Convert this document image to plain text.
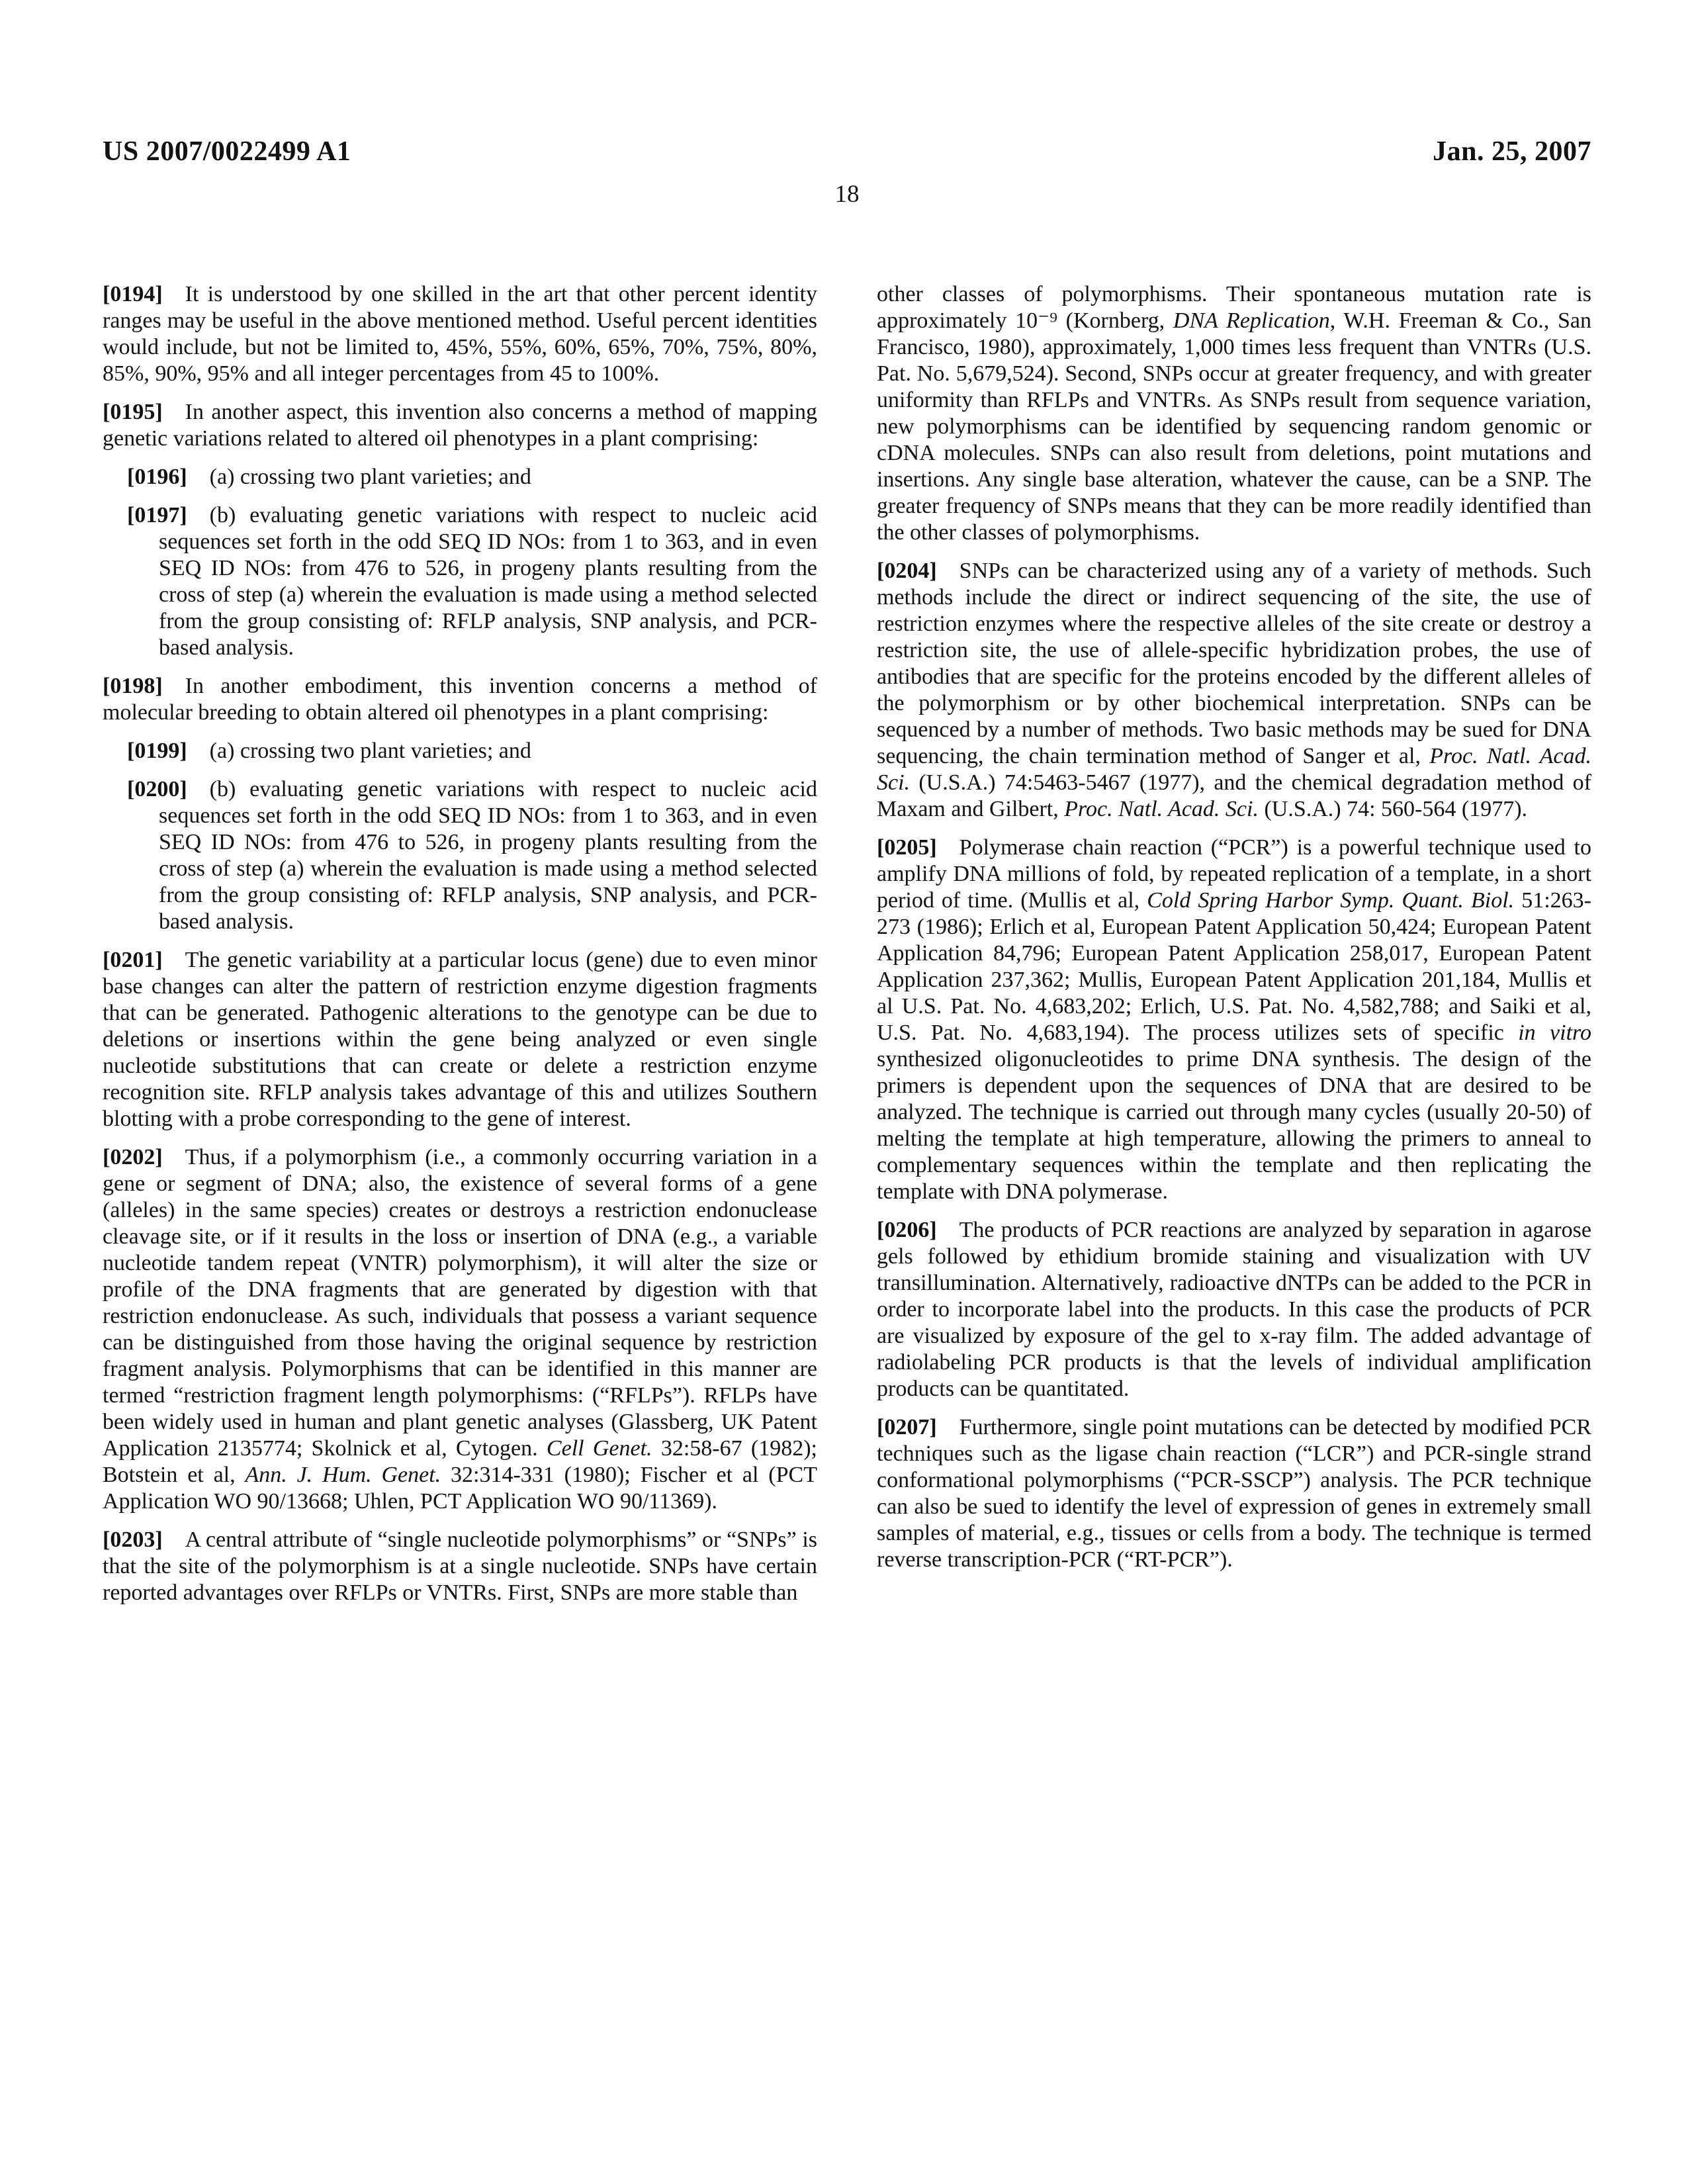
US 2007/0022499 A1	Jan. 25, 2007
18

[0194] It is understood by one skilled in the art that other percent identity ranges may be useful in the above mentioned method. Useful percent identities would include, but not be limited to, 45%, 55%, 60%, 65%, 70%, 75%, 80%, 85%, 90%, 95% and all integer percentages from 45 to 100%.

[0195] In another aspect, this invention also concerns a method of mapping genetic variations related to altered oil phenotypes in a plant comprising:

[0196] (a) crossing two plant varieties; and

[0197] (b) evaluating genetic variations with respect to nucleic acid sequences set forth in the odd SEQ ID NOs: from 1 to 363, and in even SEQ ID NOs: from 476 to 526, in progeny plants resulting from the cross of step (a) wherein the evaluation is made using a method selected from the group consisting of: RFLP analysis, SNP analysis, and PCR-based analysis.

[0198] In another embodiment, this invention concerns a method of molecular breeding to obtain altered oil phenotypes in a plant comprising:

[0199] (a) crossing two plant varieties; and

[0200] (b) evaluating genetic variations with respect to nucleic acid sequences set forth in the odd SEQ ID NOs: from 1 to 363, and in even SEQ ID NOs: from 476 to 526, in progeny plants resulting from the cross of step (a) wherein the evaluation is made using a method selected from the group consisting of: RFLP analysis, SNP analysis, and PCR-based analysis.

[0201] The genetic variability at a particular locus (gene) due to even minor base changes can alter the pattern of restriction enzyme digestion fragments that can be generated. Pathogenic alterations to the genotype can be due to deletions or insertions within the gene being analyzed or even single nucleotide substitutions that can create or delete a restriction enzyme recognition site. RFLP analysis takes advantage of this and utilizes Southern blotting with a probe corresponding to the gene of interest.

[0202] Thus, if a polymorphism (i.e., a commonly occurring variation in a gene or segment of DNA; also, the existence of several forms of a gene (alleles) in the same species) creates or destroys a restriction endonuclease cleavage site, or if it results in the loss or insertion of DNA (e.g., a variable nucleotide tandem repeat (VNTR) polymorphism), it will alter the size or profile of the DNA fragments that are generated by digestion with that restriction endonuclease. As such, individuals that possess a variant sequence can be distinguished from those having the original sequence by restriction fragment analysis. Polymorphisms that can be identified in this manner are termed “restriction fragment length polymorphisms: (“RFLPs”). RFLPs have been widely used in human and plant genetic analyses (Glassberg, UK Patent Application 2135774; Skolnick et al, Cytogen. Cell Genet. 32:58-67 (1982); Botstein et al, Ann. J. Hum. Genet. 32:314-331 (1980); Fischer et al (PCT Application WO 90/13668; Uhlen, PCT Application WO 90/11369).

[0203] A central attribute of “single nucleotide polymorphisms” or “SNPs” is that the site of the polymorphism is at a single nucleotide. SNPs have certain reported advantages over RFLPs or VNTRs. First, SNPs are more stable than

other classes of polymorphisms. Their spontaneous mutation rate is approximately 10⁻⁹ (Kornberg, DNA Replication, W.H. Freeman & Co., San Francisco, 1980), approximately, 1,000 times less frequent than VNTRs (U.S. Pat. No. 5,679,524). Second, SNPs occur at greater frequency, and with greater uniformity than RFLPs and VNTRs. As SNPs result from sequence variation, new polymorphisms can be identified by sequencing random genomic or cDNA molecules. SNPs can also result from deletions, point mutations and insertions. Any single base alteration, whatever the cause, can be a SNP. The greater frequency of SNPs means that they can be more readily identified than the other classes of polymorphisms.

[0204] SNPs can be characterized using any of a variety of methods. Such methods include the direct or indirect sequencing of the site, the use of restriction enzymes where the respective alleles of the site create or destroy a restriction site, the use of allele-specific hybridization probes, the use of antibodies that are specific for the proteins encoded by the different alleles of the polymorphism or by other biochemical interpretation. SNPs can be sequenced by a number of methods. Two basic methods may be sued for DNA sequencing, the chain termination method of Sanger et al, Proc. Natl. Acad. Sci. (U.S.A.) 74:5463-5467 (1977), and the chemical degradation method of Maxam and Gilbert, Proc. Natl. Acad. Sci. (U.S.A.) 74: 560-564 (1977).

[0205] Polymerase chain reaction (“PCR”) is a powerful technique used to amplify DNA millions of fold, by repeated replication of a template, in a short period of time. (Mullis et al, Cold Spring Harbor Symp. Quant. Biol. 51:263-273 (1986); Erlich et al, European Patent Application 50,424; European Patent Application 84,796; European Patent Application 258,017, European Patent Application 237,362; Mullis, European Patent Application 201,184, Mullis et al U.S. Pat. No. 4,683,202; Erlich, U.S. Pat. No. 4,582,788; and Saiki et al, U.S. Pat. No. 4,683,194). The process utilizes sets of specific in vitro synthesized oligonucleotides to prime DNA synthesis. The design of the primers is dependent upon the sequences of DNA that are desired to be analyzed. The technique is carried out through many cycles (usually 20-50) of melting the template at high temperature, allowing the primers to anneal to complementary sequences within the template and then replicating the template with DNA polymerase.

[0206] The products of PCR reactions are analyzed by separation in agarose gels followed by ethidium bromide staining and visualization with UV transillumination. Alternatively, radioactive dNTPs can be added to the PCR in order to incorporate label into the products. In this case the products of PCR are visualized by exposure of the gel to x-ray film. The added advantage of radiolabeling PCR products is that the levels of individual amplification products can be quantitated.

[0207] Furthermore, single point mutations can be detected by modified PCR techniques such as the ligase chain reaction (“LCR”) and PCR-single strand conformational polymorphisms (“PCR-SSCP”) analysis. The PCR technique can also be sued to identify the level of expression of genes in extremely small samples of material, e.g., tissues or cells from a body. The technique is termed reverse transcription-PCR (“RT-PCR”).
